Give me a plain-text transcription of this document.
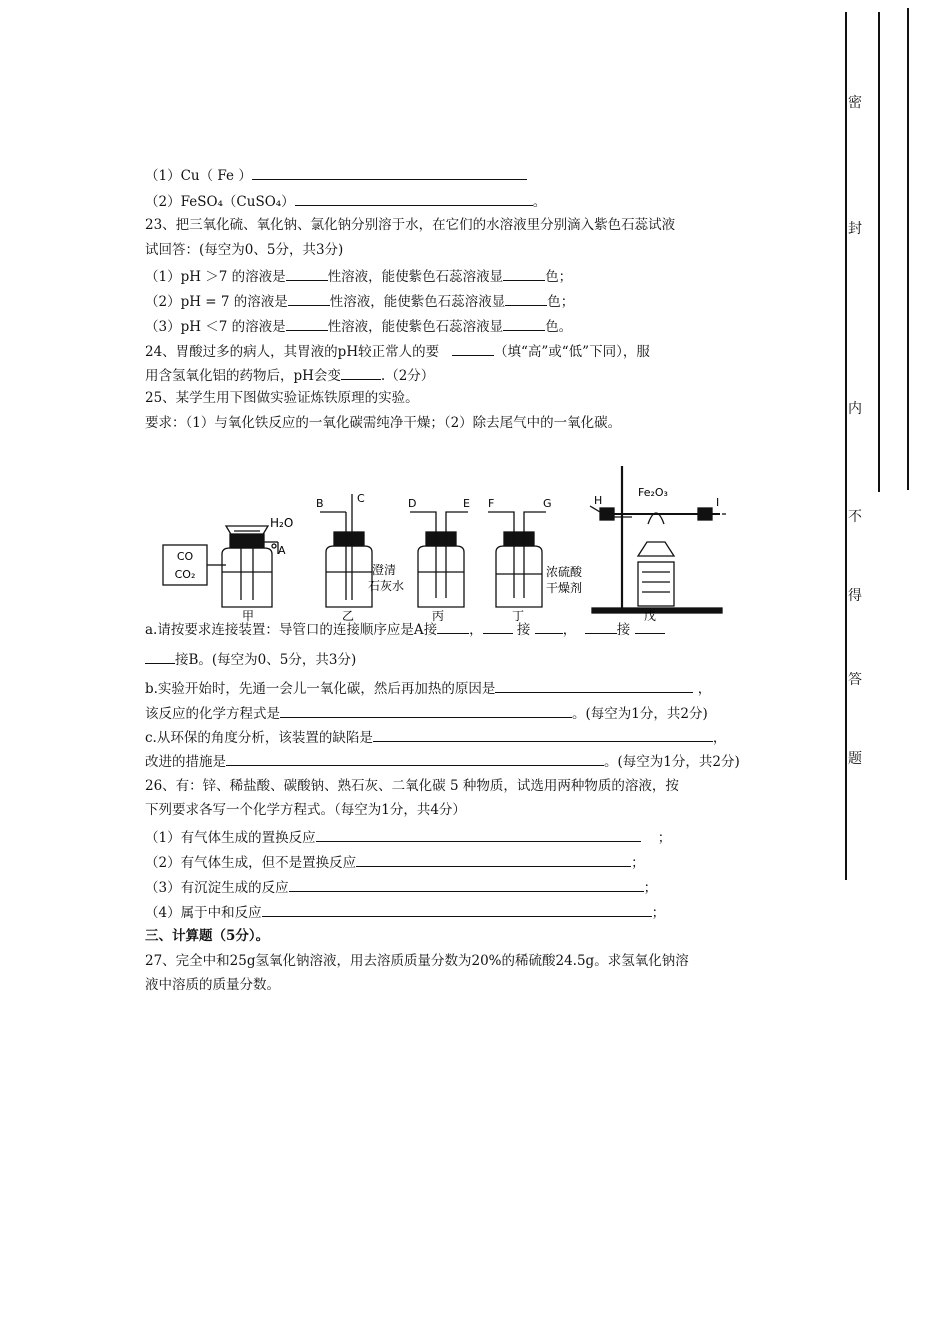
密
封
内
不
得
答
题
（1）Cu（ Fe ）
（2）FeSO₄（CuSO₄）	。
23、把三氧化硫、氧化钠、氯化钠分别溶于水，在它们的水溶液里分别滴入紫色石蕊试液
试回答：(每空为0、5分，共3分)
（1）pH ＞7 的溶液是	性溶液，能使紫色石蕊溶液显	色；
（2）pH = 7 的溶液是	性溶液，能使紫色石蕊溶液显	色；
（3）pH ＜7 的溶液是	性溶液，能使紫色石蕊溶液显	色。
24、胃酸过多的病人，其胃液的pH较正常人的要	（填“高”或“低”下同），服
用含氢氧化铝的药物后，pH会变	.（2分）
25、某学生用下图做实验证炼铁原理的实验。
要求：（1）与氧化铁反应的一氧化碳需纯净干燥；（2）除去尾气中的一氧化碳。
CO
CO₂
H₂O
A
B	C	D	E F	G	H	I
Fe₂O₃
澄清
石灰水
浓硫酸
干燥剂
甲	乙	丙	丁	戊
a.请按要求连接装置：导管口的连接顺序应是A接 ，	接 ，	接
接B。(每空为0、5分，共3分)
b.实验开始时，先通一会儿一氧化碳，然后再加热的原因是	，
该反应的化学方程式是	。(每空为1分，共2分)
c.从环保的角度分析，该装置的缺陷是	，
改进的措施是	。(每空为1分，共2分)
26、有：锌、稀盐酸、碳酸钠、熟石灰、二氧化碳 5 种物质，试选用两种物质的溶液，按
下列要求各写一个化学方程式。（每空为1分，共4分）
（1）有气体生成的置换反应	；
（2）有气体生成，但不是置换反应	；
（3）有沉淀生成的反应	；
（4）属于中和反应	；
三、计算题（5分）。
27、完全中和25g氢氧化钠溶液，用去溶质质量分数为20%的稀硫酸24.5g。求氢氧化钠溶
液中溶质的质量分数。
